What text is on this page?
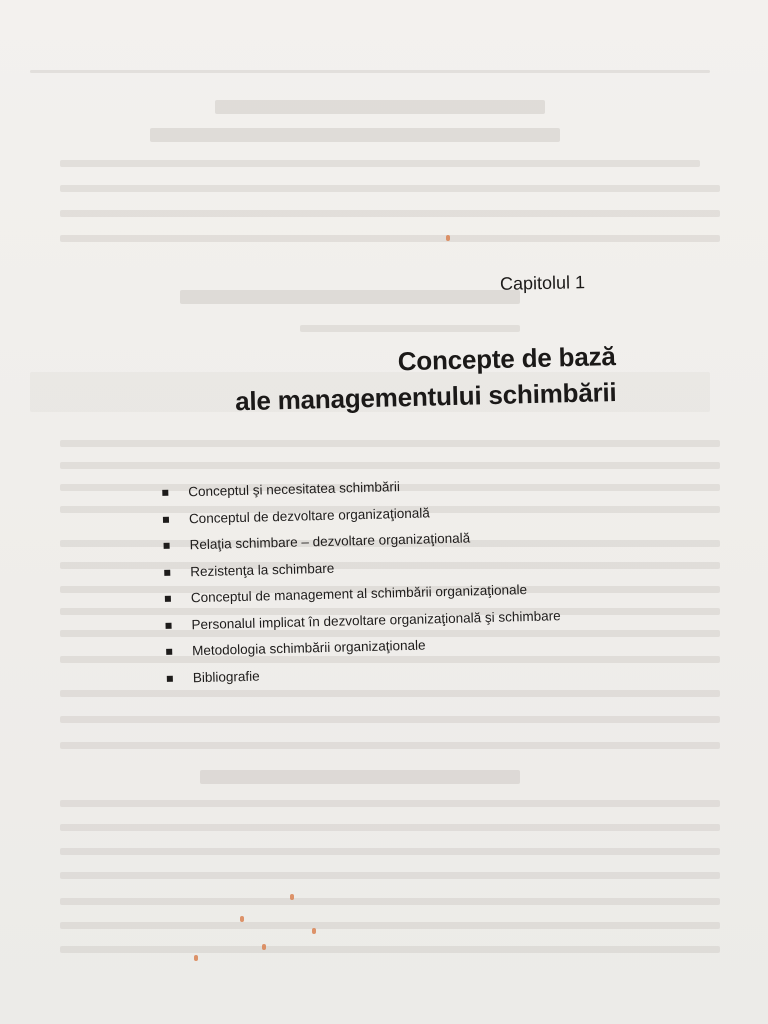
Capitolul 1
Concepte de bază
ale managementului schimbării
Conceptul şi necesitatea schimbării
Conceptul de dezvoltare organizaţională
Relaţia schimbare – dezvoltare organizaţională
Rezistenţa la schimbare
Conceptul de management al schimbării organizaţionale
Personalul implicat în dezvoltare organizaţională şi schimbare
Metodologia schimbării organizaţionale
Bibliografie
